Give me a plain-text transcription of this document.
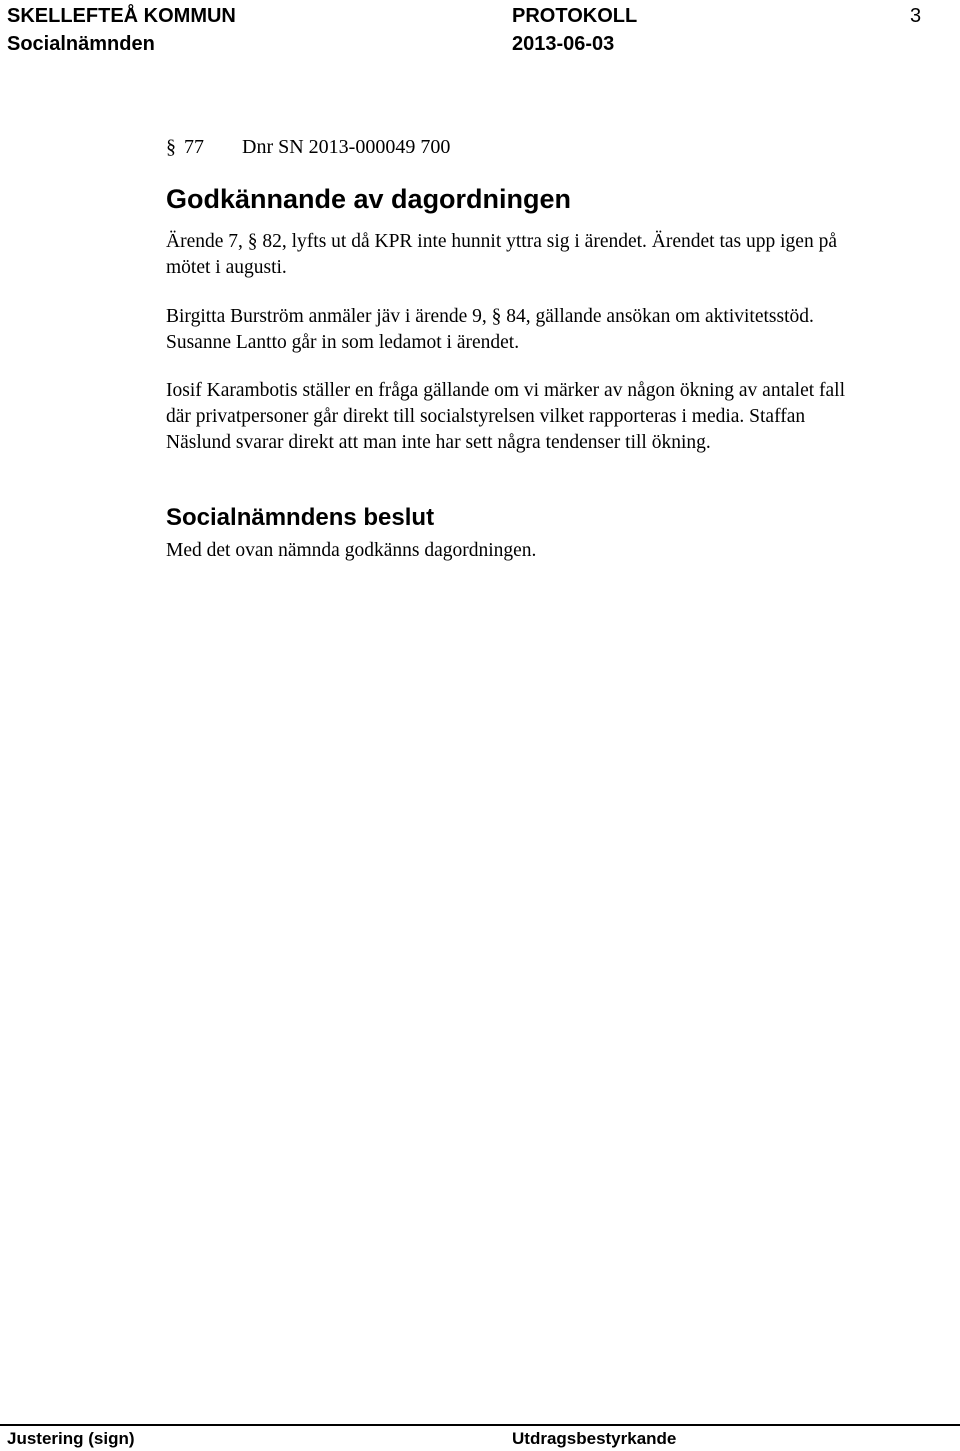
SKELLEFTEÅ KOMMUN
Socialnämnden
PROTOKOLL
2013-06-03
3
§ 77 Dnr SN 2013-000049 700
Godkännande av dagordningen

Ärende 7, § 82, lyfts ut då KPR inte hunnit yttra sig i ärendet. Ärendet tas upp igen på mötet i augusti.

Birgitta Burström anmäler jäv i ärende 9, § 84, gällande ansökan om aktivitetsstöd. Susanne Lantto går in som ledamot i ärendet.

Iosif Karambotis ställer en fråga gällande om vi märker av någon ökning av antalet fall där privatpersoner går direkt till socialstyrelsen vilket rapporteras i media. Staffan Näslund svarar direkt att man inte har sett några tendenser till ökning.

Socialnämndens beslut

Med det ovan nämnda godkänns dagordningen.

Justering (sign)	Utdragsbestyrkande
